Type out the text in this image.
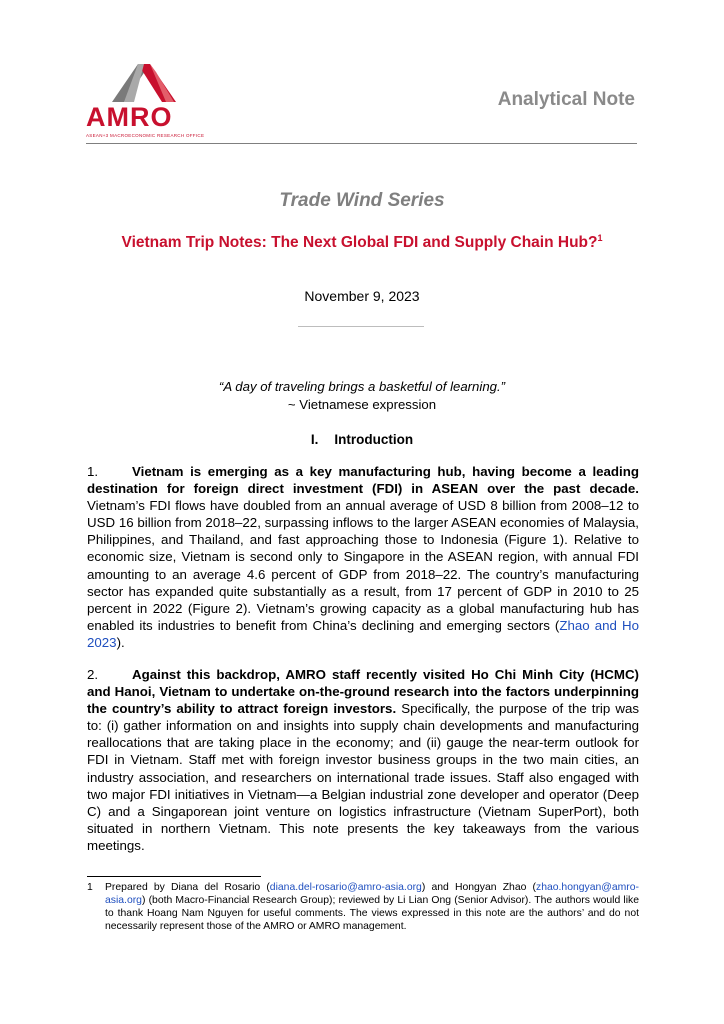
AMRO
ASEAN+3 MACROECONOMIC RESEARCH OFFICE
Analytical Note
Trade Wind Series
Vietnam Trip Notes: The Next Global FDI and Supply Chain Hub?$^1$
November 9, 2023
“A day of traveling brings a basketful of learning.”
~ Vietnamese expression
I. Introduction
1.	Vietnam is emerging as a key manufacturing hub, having become a leading destination for foreign direct investment (FDI) in ASEAN over the past decade. Vietnam’s FDI flows have doubled from an annual average of USD 8 billion from 2008–12 to USD 16 billion from 2018–22, surpassing inflows to the larger ASEAN economies of Malaysia, Philippines, and Thailand, and fast approaching those to Indonesia (Figure 1). Relative to economic size, Vietnam is second only to Singapore in the ASEAN region, with annual FDI amounting to an average 4.6 percent of GDP from 2018–22. The country’s manufacturing sector has expanded quite substantially as a result, from 17 percent of GDP in 2010 to 25 percent in 2022 (Figure 2). Vietnam’s growing capacity as a global manufacturing hub has enabled its industries to benefit from China’s declining and emerging sectors (Zhao and Ho 2023).
2.	Against this backdrop, AMRO staff recently visited Ho Chi Minh City (HCMC) and Hanoi, Vietnam to undertake on-the-ground research into the factors underpinning the country’s ability to attract foreign investors. Specifically, the purpose of the trip was to: (i) gather information on and insights into supply chain developments and manufacturing reallocations that are taking place in the economy; and (ii) gauge the near-term outlook for FDI in Vietnam. Staff met with foreign investor business groups in the two main cities, an industry association, and researchers on international trade issues. Staff also engaged with two major FDI initiatives in Vietnam—a Belgian industrial zone developer and operator (Deep C) and a Singaporean joint venture on logistics infrastructure (Vietnam SuperPort), both situated in northern Vietnam. This note presents the key takeaways from the various meetings.
1 Prepared by Diana del Rosario (diana.del-rosario@amro-asia.org) and Hongyan Zhao (zhao.hongyan@amro-asia.org) (both Macro-Financial Research Group); reviewed by Li Lian Ong (Senior Advisor). The authors would like to thank Hoang Nam Nguyen for useful comments. The views expressed in this note are the authors’ and do not necessarily represent those of the AMRO or AMRO management.
